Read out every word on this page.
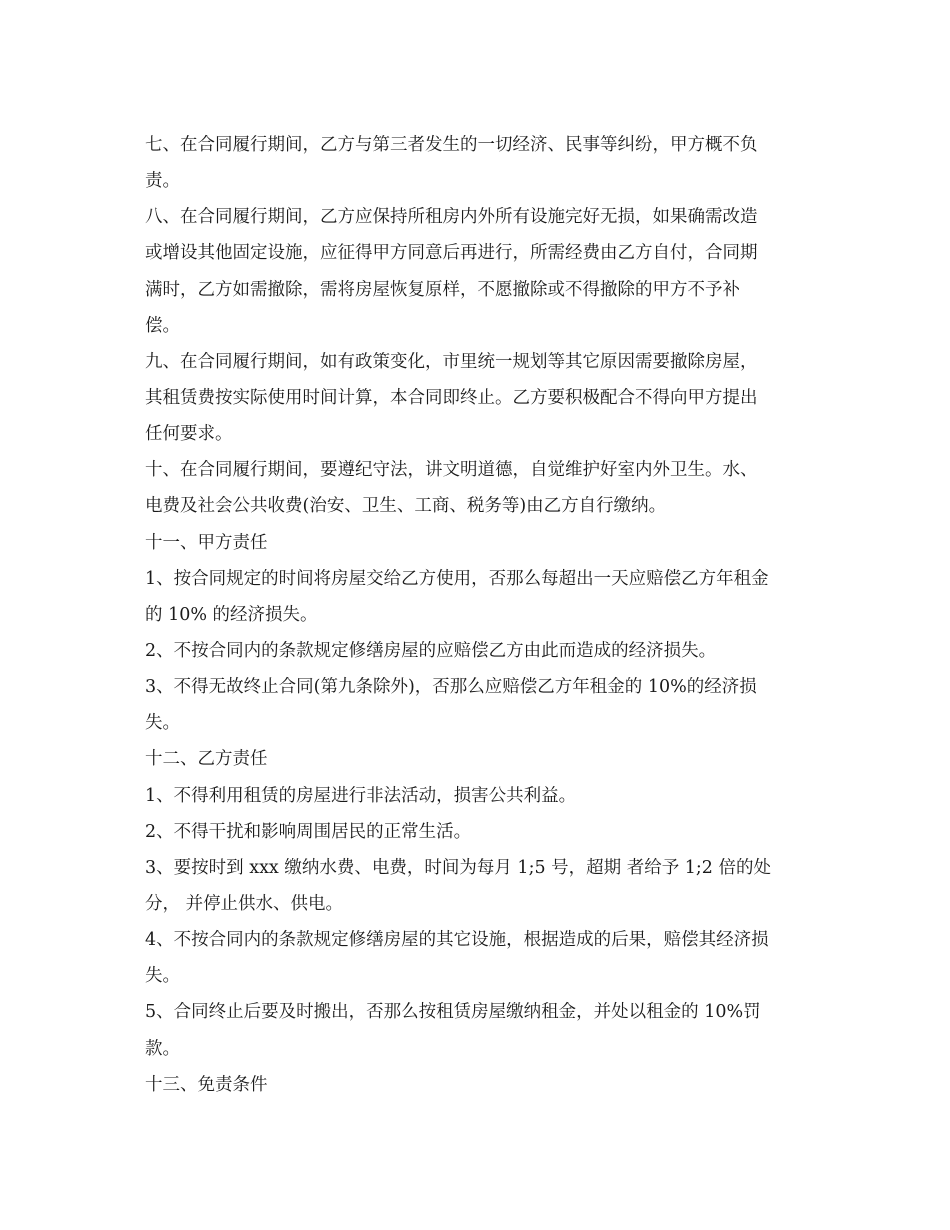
七、在合同履行期间，乙方与第三者发生的一切经济、民事等纠纷，甲方概不负

责。

八、在合同履行期间，乙方应保持所租房内外所有设施完好无损，如果确需改造

或增设其他固定设施，应征得甲方同意后再进行，所需经费由乙方自付，合同期

满时，乙方如需撤除，需将房屋恢复原样，不愿撤除或不得撤除的甲方不予补

偿。

九、在合同履行期间，如有政策变化，市里统一规划等其它原因需要撤除房屋，

其租赁费按实际使用时间计算，本合同即终止。乙方要积极配合不得向甲方提出

任何要求。

十、在合同履行期间，要遵纪守法，讲文明道德，自觉维护好室内外卫生。水、

电费及社会公共收费(治安、卫生、工商、税务等)由乙方自行缴纳。

十一、甲方责任

1、按合同规定的时间将房屋交给乙方使用，否那么每超出一天应赔偿乙方年租金

的 10% 的经济损失。

2、不按合同内的条款规定修缮房屋的应赔偿乙方由此而造成的经济损失。

3、不得无故终止合同(第九条除外)，否那么应赔偿乙方年租金的 10%的经济损

失。

十二、乙方责任

1、不得利用租赁的房屋进行非法活动，损害公共利益。

2、不得干扰和影响周围居民的正常生活。

3、要按时到 xxx 缴纳水费、电费，时间为每月 1;5 号，超期 者给予 1;2 倍的处

分， 并停止供水、供电。

4、不按合同内的条款规定修缮房屋的其它设施，根据造成的后果，赔偿其经济损

失。

5、合同终止后要及时搬出，否那么按租赁房屋缴纳租金，并处以租金的 10%罚

款。

十三、免责条件
